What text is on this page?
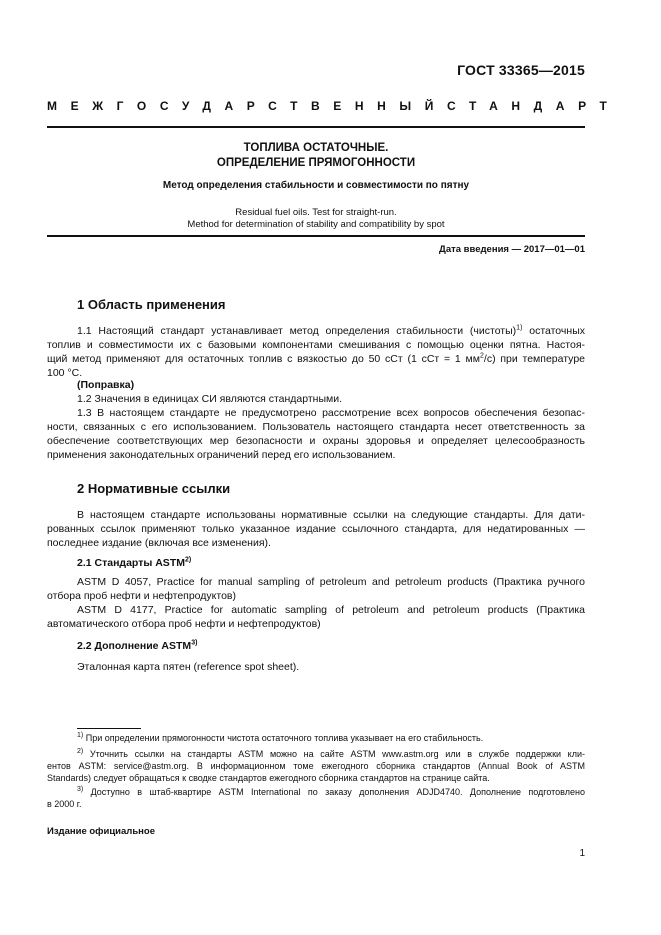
ГОСТ 33365—2015
МЕЖГОСУДАРСТВЕННЫЙ СТАНДАРТ
ТОПЛИВА ОСТАТОЧНЫЕ.
ОПРЕДЕЛЕНИЕ ПРЯМОГОННОСТИ
Метод определения стабильности и совместимости по пятну
Residual fuel oils. Test for straight-run.
Method for determination of stability and compatibility by spot
Дата введения — 2017—01—01
1 Область применения
1.1 Настоящий стандарт устанавливает метод определения стабильности (чистоты)$^{1)}$ остаточных
топлив и совместимости их с базовыми компонентами смешивания с помощью оценки пятна. Настоя-
щий метод применяют для остаточных топлив с вязкостью до 50 сСт (1 сСт = 1 $мм^2/с$) при температуре
100 °С.
(Поправка)
1.2 Значения в единицах СИ являются стандартными.
1.3 В настоящем стандарте не предусмотрено рассмотрение всех вопросов обеспечения безопас-
ности, связанных с его использованием. Пользователь настоящего стандарта несет ответственность за
обеспечение соответствующих мер безопасности и охраны здоровья и определяет целесообразность
применения законодательных ограничений перед его использованием.
2 Нормативные ссылки
В настоящем стандарте использованы нормативные ссылки на следующие стандарты. Для дати-
рованных ссылок применяют только указанное издание ссылочного стандарта, для недатированных —
последнее издание (включая все изменения).
2.1 Стандарты ASTM$^{2)}$
ASTM D 4057, Practice for manual sampling of petroleum and petroleum products (Практика ручного
отбора проб нефти и нефтепродуктов)
ASTM D 4177, Practice for automatic sampling of petroleum and petroleum products (Практика
автоматического отбора проб нефти и нефтепродуктов)
2.2 Дополнение ASTM$^{3)}$
Эталонная карта пятен (reference spot sheet).
$^{1)}$ При определении прямогонности чистота остаточного топлива указывает на его стабильность.
$^{2)}$ Уточнить ссылки на стандарты ASTM можно на сайте ASTM www.astm.org или в службе поддержки кли-
ентов ASTM: service@astm.org. В информационном томе ежегодного сборника стандартов (Annual Book of ASTM
Standards) следует обращаться к сводке стандартов ежегодного сборника стандартов на странице сайта.
$^{3)}$ Доступно в штаб-квартире ASTM International по заказу дополнения ADJD4740. Дополнение подготовлено
в 2000 г.
Издание официальное
1
